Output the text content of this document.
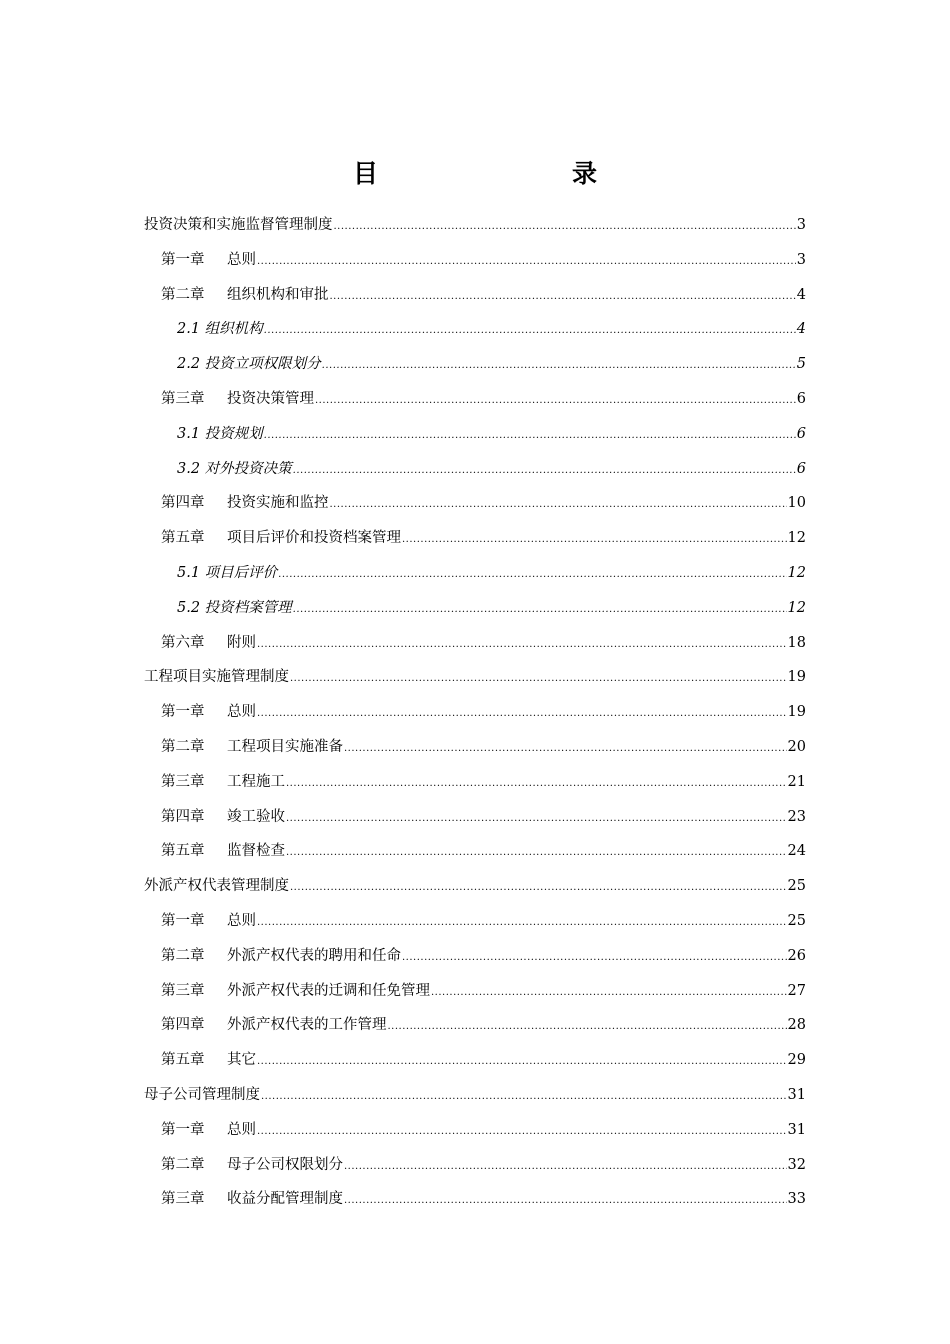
目　　录
投资决策和实施监督管理制度 .....	3
第一章 总则 .....	3
第二章 组织机构和审批 .....	4
2.1 组织机构 .....	4
2.2 投资立项权限划分 .....	5
第三章 投资决策管理 .....	6
3.1 投资规划 .....	6
3.2 对外投资决策 .....	6
第四章 投资实施和监控 .....	10
第五章 项目后评价和投资档案管理 .....	12
5.1 项目后评价 .....	12
5.2 投资档案管理 .....	12
第六章 附则 .....	18
工程项目实施管理制度 .....	19
第一章 总则 .....	19
第二章 工程项目实施准备 .....	20
第三章 工程施工 .....	21
第四章 竣工验收 .....	23
第五章 监督检查 .....	24
外派产权代表管理制度 .....	25
第一章 总则 .....	25
第二章 外派产权代表的聘用和任命 .....	26
第三章 外派产权代表的迁调和任免管理 .....	27
第四章 外派产权代表的工作管理 .....	28
第五章 其它 .....	29
母子公司管理制度 .....	31
第一章 总则 .....	31
第二章 母子公司权限划分 .....	32
第三章 收益分配管理制度 .....	33
